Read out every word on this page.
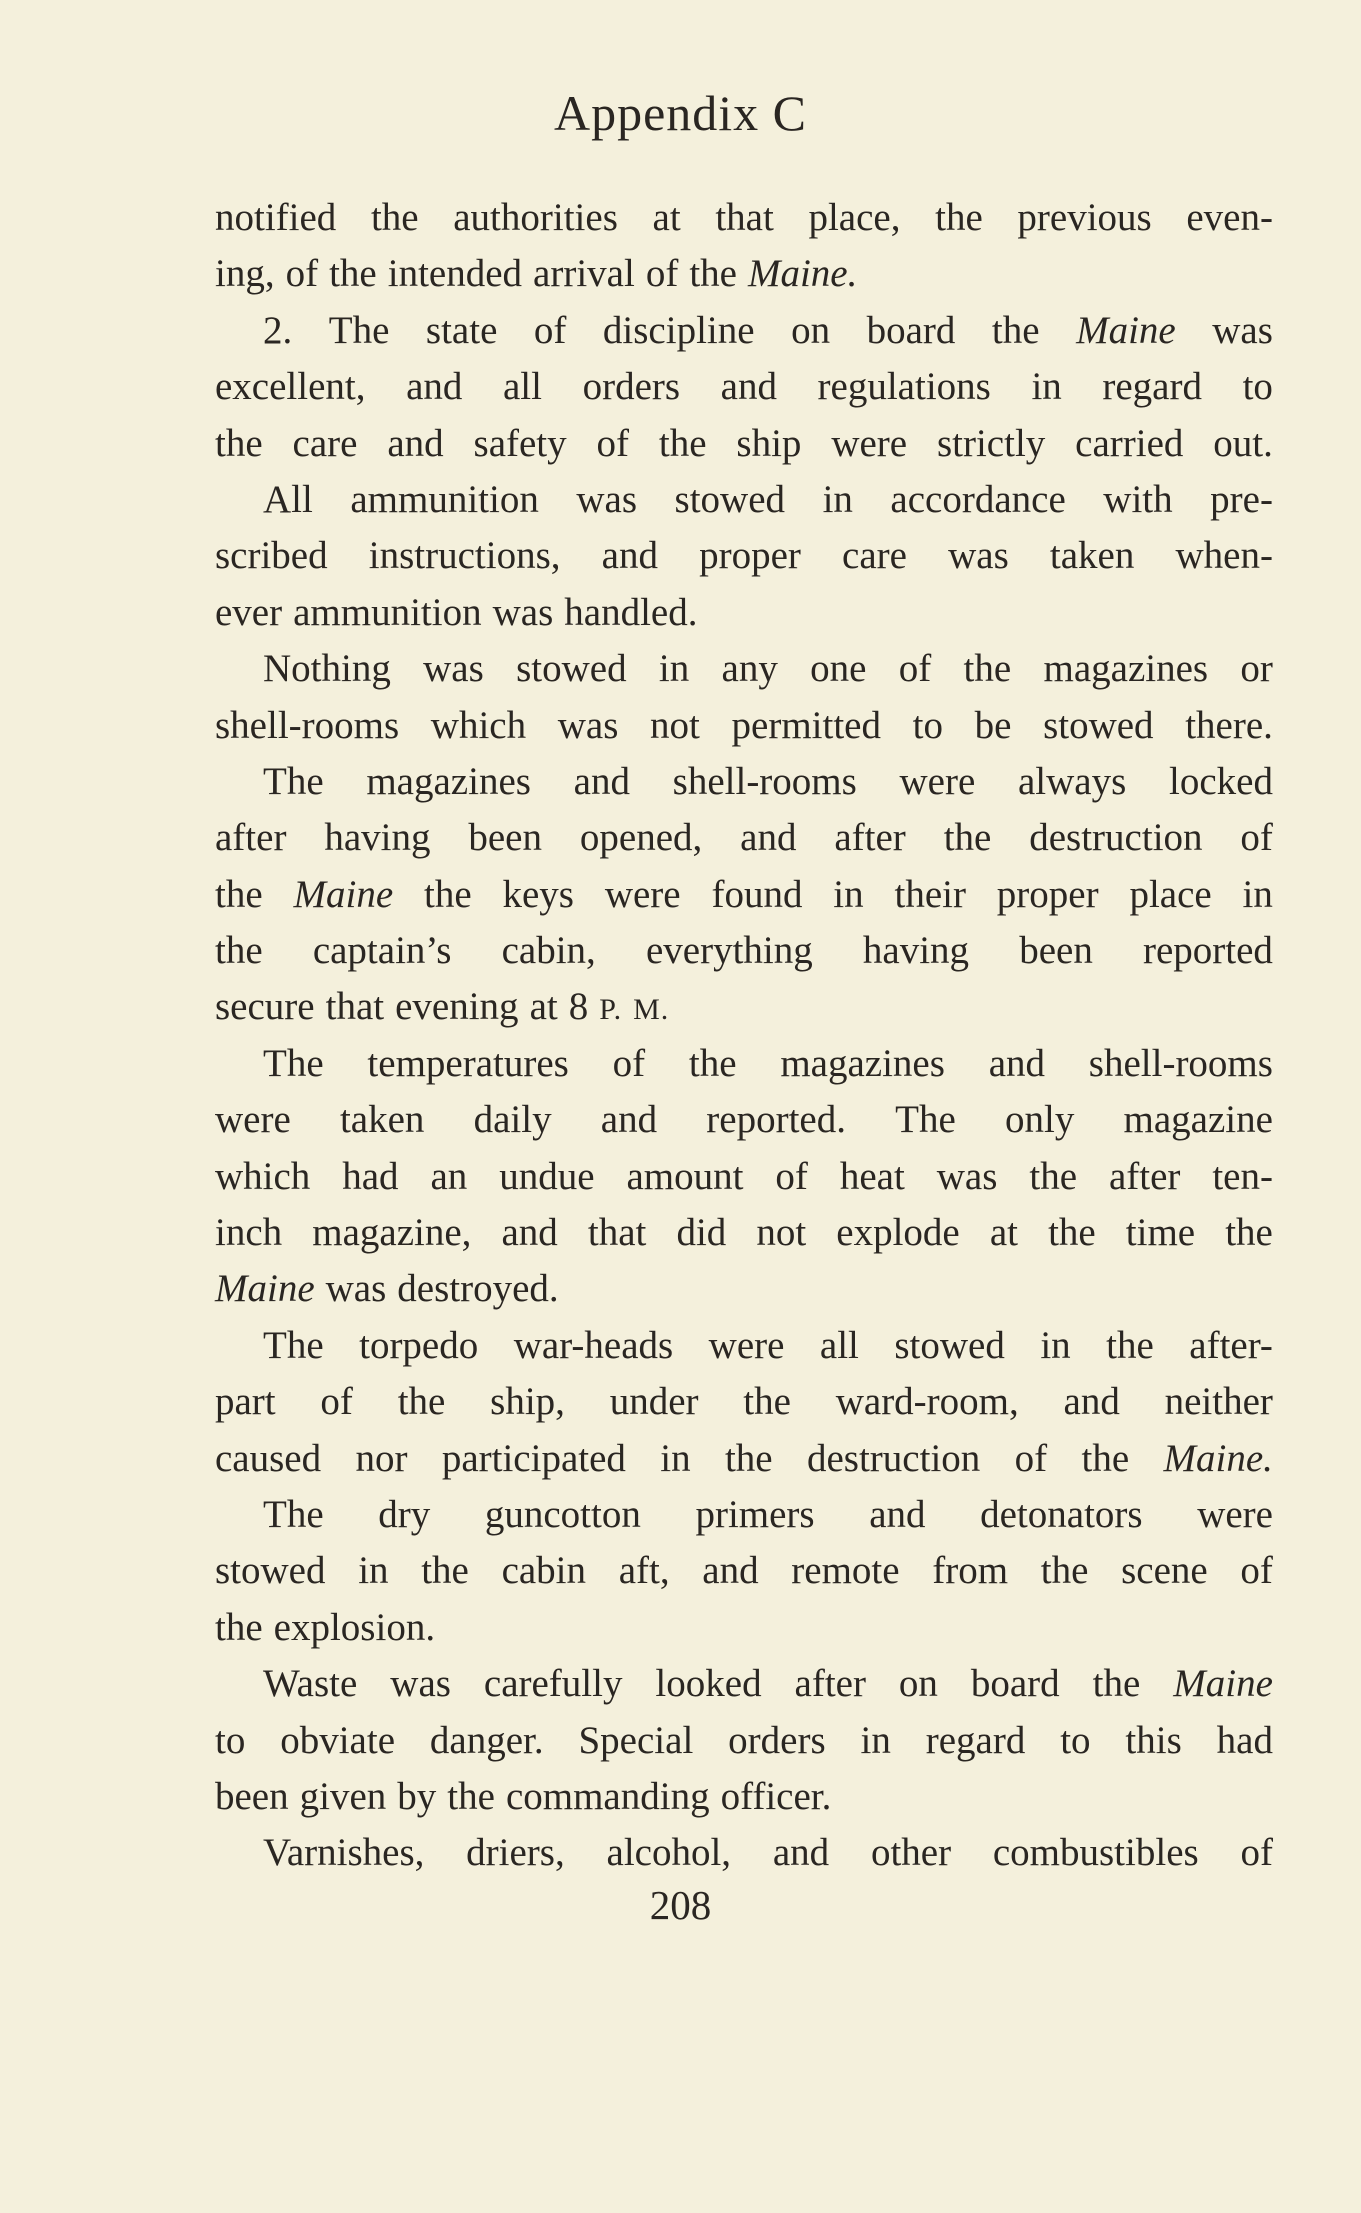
Appendix C
notified the authorities at that place, the previous even-
ing, of the intended arrival of the Maine.
2. The state of discipline on board the Maine was
excellent, and all orders and regulations in regard to
the care and safety of the ship were strictly carried out.
All ammunition was stowed in accordance with pre-
scribed instructions, and proper care was taken when-
ever ammunition was handled.
Nothing was stowed in any one of the magazines or
shell-rooms which was not permitted to be stowed there.
The magazines and shell-rooms were always locked
after having been opened, and after the destruction of
the Maine the keys were found in their proper place in
the captain’s cabin, everything having been reported
secure that evening at 8 P. M.
The temperatures of the magazines and shell-rooms
were taken daily and reported. The only magazine
which had an undue amount of heat was the after ten-
inch magazine, and that did not explode at the time the
Maine was destroyed.
The torpedo war-heads were all stowed in the after-
part of the ship, under the ward-room, and neither
caused nor participated in the destruction of the Maine.
The dry guncotton primers and detonators were
stowed in the cabin aft, and remote from the scene of
the explosion.
Waste was carefully looked after on board the Maine
to obviate danger. Special orders in regard to this had
been given by the commanding officer.
Varnishes, driers, alcohol, and other combustibles of
208
